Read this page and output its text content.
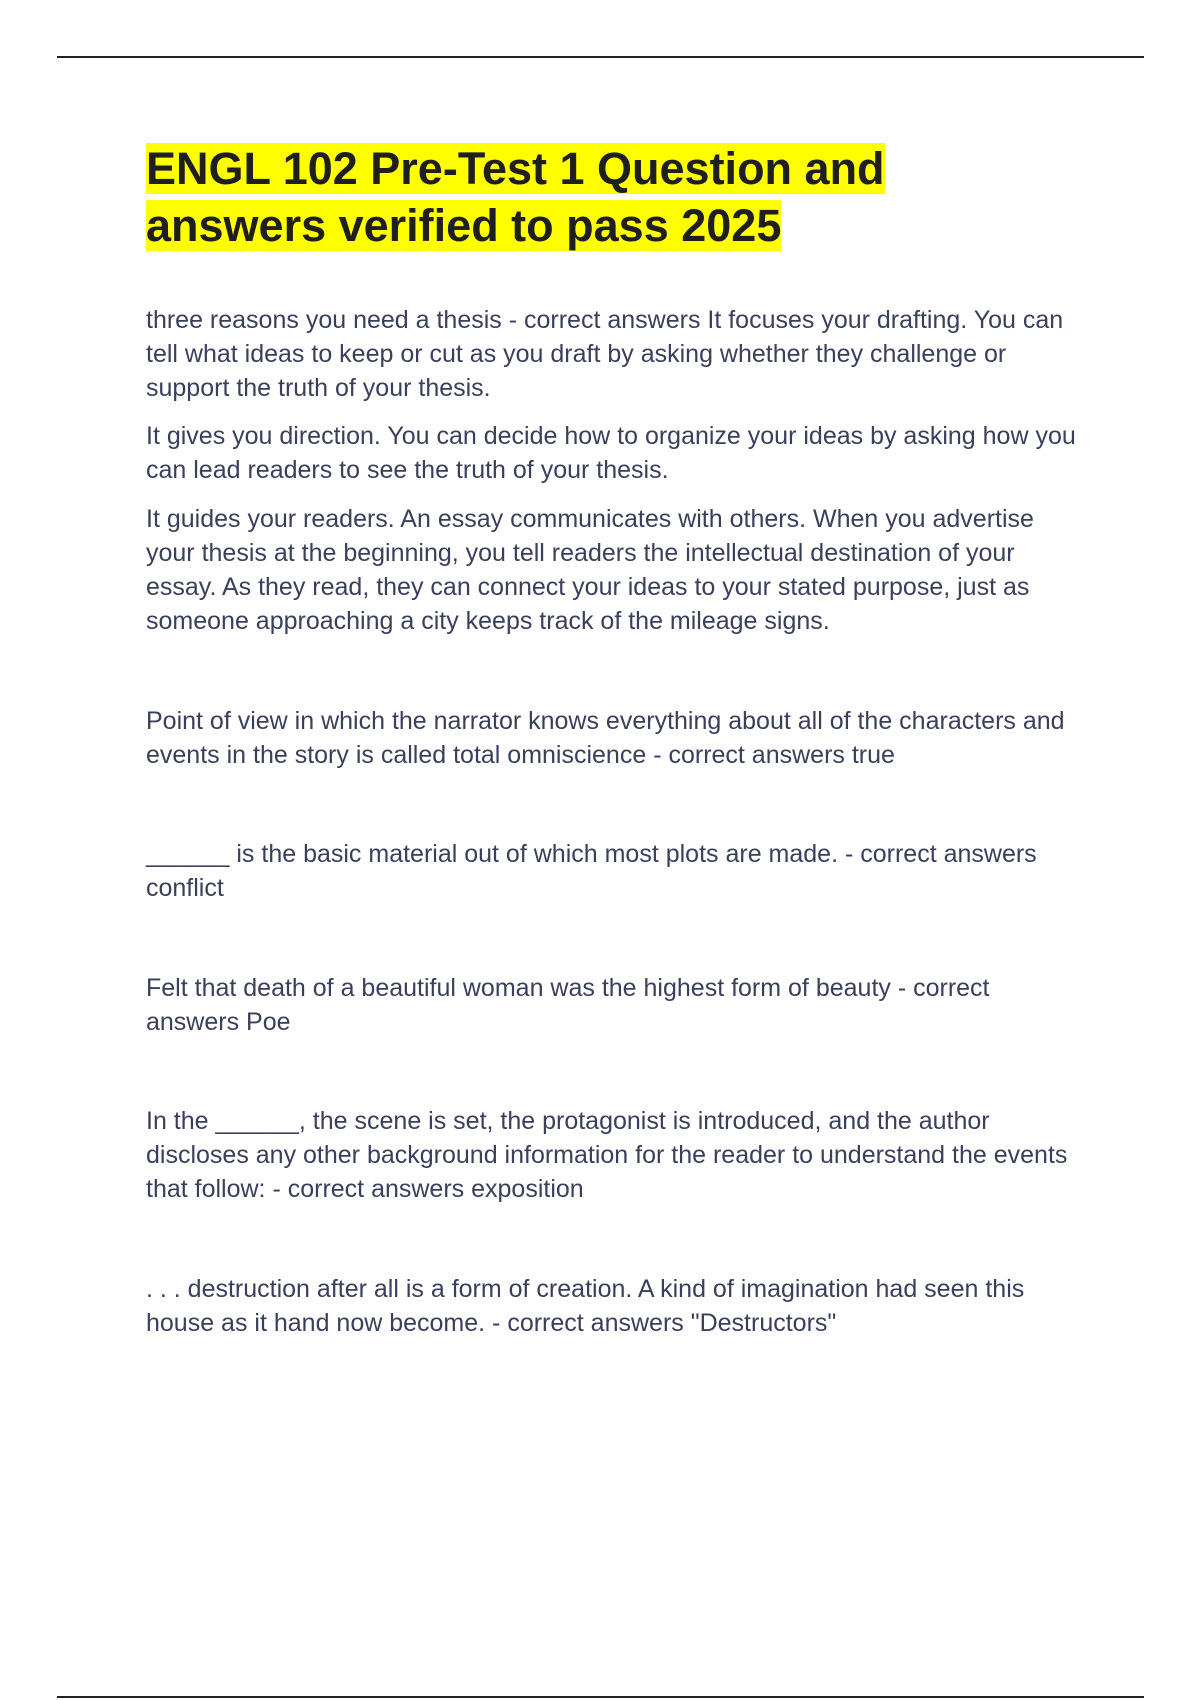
ENGL 102 Pre-Test 1 Question and
answers verified to pass 2025

three reasons you need a thesis - correct answers It focuses your drafting. You can tell what ideas to keep or cut as you draft by asking whether they challenge or support the truth of your thesis.

It gives you direction. You can decide how to organize your ideas by asking how you can lead readers to see the truth of your thesis.

It guides your readers. An essay communicates with others. When you advertise your thesis at the beginning, you tell readers the intellectual destination of your essay. As they read, they can connect your ideas to your stated purpose, just as someone approaching a city keeps track of the mileage signs.

Point of view in which the narrator knows everything about all of the characters and events in the story is called total omniscience - correct answers true

______ is the basic material out of which most plots are made. - correct answers conflict

Felt that death of a beautiful woman was the highest form of beauty - correct answers Poe

In the ______, the scene is set, the protagonist is introduced, and the author discloses any other background information for the reader to understand the events that follow: - correct answers exposition

. . . destruction after all is a form of creation. A kind of imagination had seen this house as it hand now become. - correct answers "Destructors"
